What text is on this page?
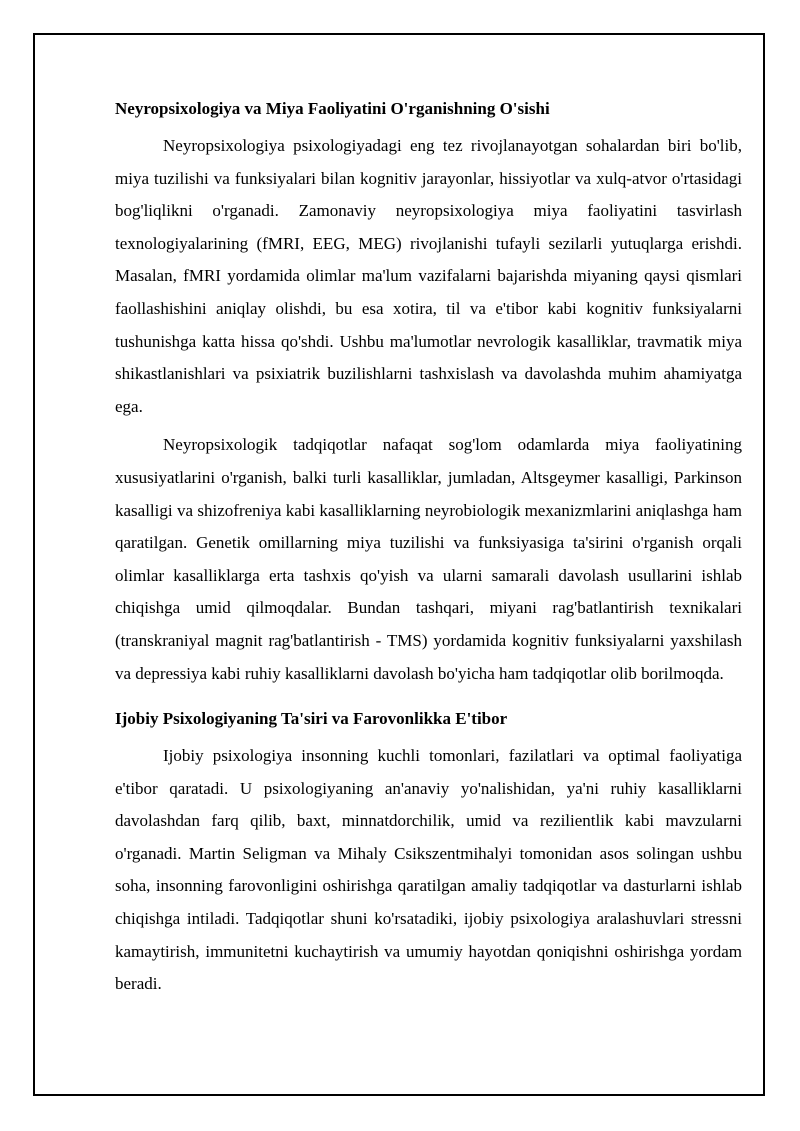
Neyropsixologiya va Miya Faoliyatini O'rganishning O'sishi

Neyropsixologiya psixologiyadagi eng tez rivojlanayotgan sohalardan biri bo'lib, miya tuzilishi va funksiyalari bilan kognitiv jarayonlar, hissiyotlar va xulq-atvor o'rtasidagi bog'liqlikni o'rganadi. Zamonaviy neyropsixologiya miya faoliyatini tasvirlash texnologiyalarining (fMRI, EEG, MEG) rivojlanishi tufayli sezilarli yutuqlarga erishdi. Masalan, fMRI yordamida olimlar ma'lum vazifalarni bajarishda miyaning qaysi qismlari faollashishini aniqlay olishdi, bu esa xotira, til va e'tibor kabi kognitiv funksiyalarni tushunishga katta hissa qo'shdi. Ushbu ma'lumotlar nevrologik kasalliklar, travmatik miya shikastlanishlari va psixiatrik buzilishlarni tashxislash va davolashda muhim ahamiyatga ega.

Neyropsixologik tadqiqotlar nafaqat sog'lom odamlarda miya faoliyatining xususiyatlarini o'rganish, balki turli kasalliklar, jumladan, Altsgeymer kasalligi, Parkinson kasalligi va shizofreniya kabi kasalliklarning neyrobiologik mexanizmlarini aniqlashga ham qaratilgan. Genetik omillarning miya tuzilishi va funksiyasiga ta'sirini o'rganish orqali olimlar kasalliklarga erta tashxis qo'yish va ularni samarali davolash usullarini ishlab chiqishga umid qilmoqdalar. Bundan tashqari, miyani rag'batlantirish texnikalari (transkraniyal magnit rag'batlantirish - TMS) yordamida kognitiv funksiyalarni yaxshilash va depressiya kabi ruhiy kasalliklarni davolash bo'yicha ham tadqiqotlar olib borilmoqda.

Ijobiy Psixologiyaning Ta'siri va Farovonlikka E'tibor

Ijobiy psixologiya insonning kuchli tomonlari, fazilatlari va optimal faoliyatiga e'tibor qaratadi. U psixologiyaning an'anaviy yo'nalishidan, ya'ni ruhiy kasalliklarni davolashdan farq qilib, baxt, minnatdorchilik, umid va rezilientlik kabi mavzularni o'rganadi. Martin Seligman va Mihaly Csikszentmihalyi tomonidan asos solingan ushbu soha, insonning farovonligini oshirishga qaratilgan amaliy tadqiqotlar va dasturlarni ishlab chiqishga intiladi. Tadqiqotlar shuni ko'rsatadiki, ijobiy psixologiya aralashuvlari stressni kamaytirish, immunitetni kuchaytirish va umumiy hayotdan qoniqishni oshirishga yordam beradi.
